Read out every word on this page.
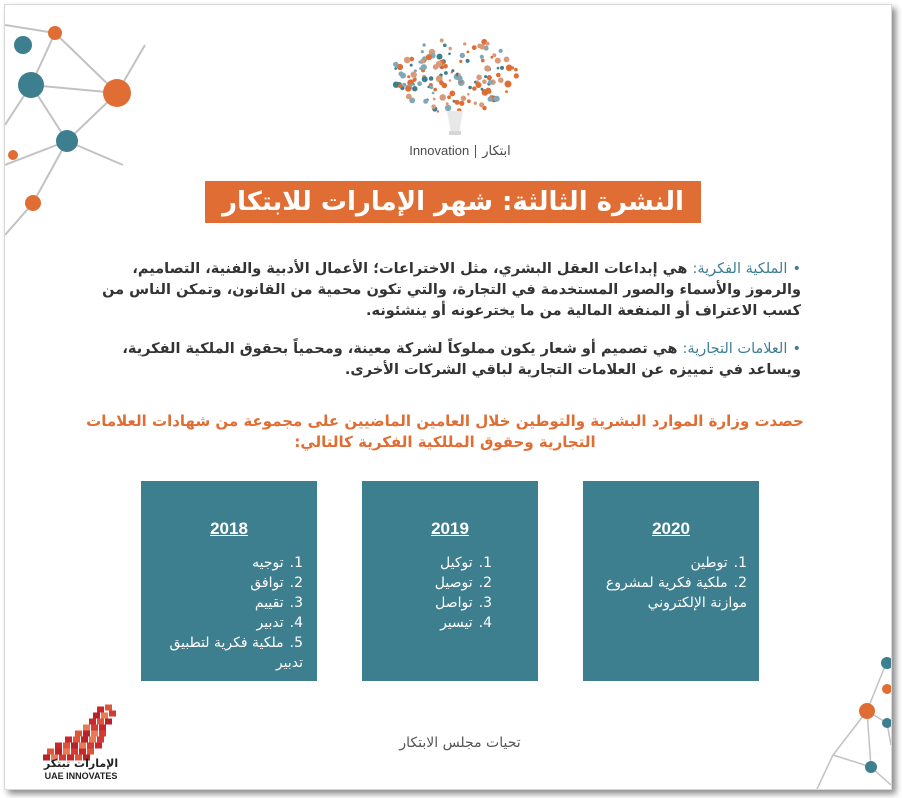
Innovation ابتكار
النشرة الثالثة: شهر الإمارات للابتكار
• الملكية الفكرية: هي إبداعات العقل البشري، مثل الاختراعات؛ الأعمال الأدبية والفنية، التصاميم، والرموز والأسماء والصور المستخدمة في التجارة، والتي تكون محمية من القانون، وتمكن الناس من كسب الاعتراف أو المنفعة المالية من ما يخترعونه أو ينشئونه.
• العلامات التجارية: هي تصميم أو شعار يكون مملوكاً لشركة معينة، ومحمياً بحقوق الملكية الفكرية، ويساعد في تمييزه عن العلامات التجارية لباقي الشركات الأخرى.
حصدت وزارة الموارد البشرية والتوطين خلال العامين الماضيين على مجموعة من شهادات العلامات التجارية وحقوق المللكية الفكرية كالتالي:
2018
1.توجيه
2.توافق
3.تقييم
4.تدبير
5.ملكية فكرية لتطبيق تدبير
2019
1.توكيل
2.توصيل
3.تواصل
4.تيسير
2020
1.توطين
2.ملكية فكرية لمشروع موازنة الإلكتروني
تحيات مجلس الابتكار
الإمارات تبتكر
UAE INNOVATES
